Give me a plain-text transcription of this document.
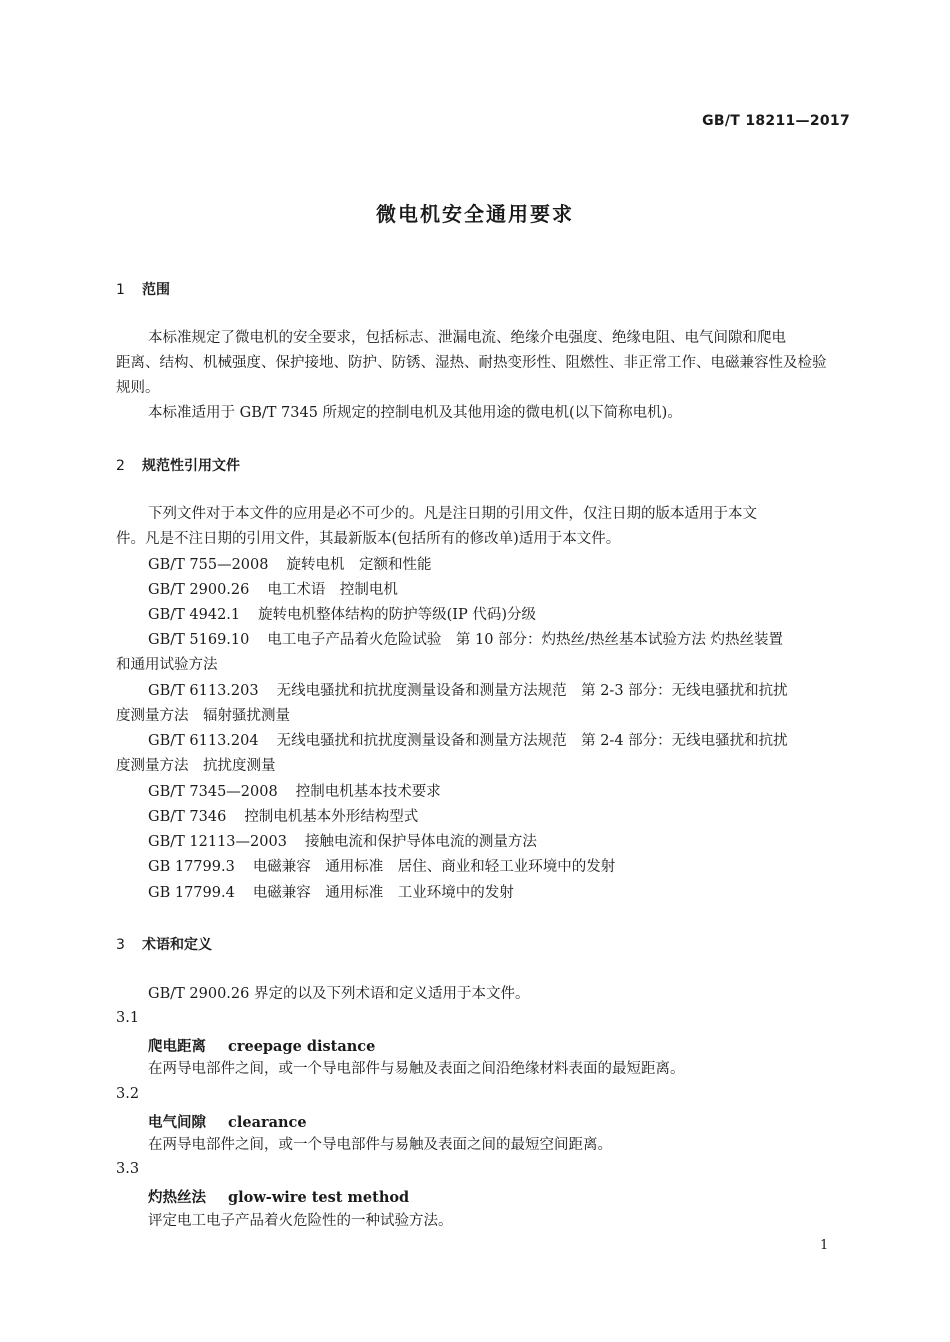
GB/T 18211—2017
微电机安全通用要求
1 范围
本标准规定了微电机的安全要求，包括标志、泄漏电流、绝缘介电强度、绝缘电阻、电气间隙和爬电
距离、结构、机械强度、保护接地、防护、防锈、湿热、耐热变形性、阻燃性、非正常工作、电磁兼容性及检验
规则。
本标准适用于 GB/T 7345 所规定的控制电机及其他用途的微电机(以下简称电机)。
2 规范性引用文件
下列文件对于本文件的应用是必不可少的。凡是注日期的引用文件，仅注日期的版本适用于本文
件。凡是不注日期的引用文件，其最新版本(包括所有的修改单)适用于本文件。
GB/T 755—2008 旋转电机　定额和性能
GB/T 2900.26 电工术语　控制电机
GB/T 4942.1 旋转电机整体结构的防护等级(IP 代码)分级
GB/T 5169.10 电工电子产品着火危险试验　第 10 部分：灼热丝/热丝基本试验方法 灼热丝装置
和通用试验方法
GB/T 6113.203 无线电骚扰和抗扰度测量设备和测量方法规范　第 2-3 部分：无线电骚扰和抗扰
度测量方法　辐射骚扰测量
GB/T 6113.204 无线电骚扰和抗扰度测量设备和测量方法规范　第 2-4 部分：无线电骚扰和抗扰
度测量方法　抗扰度测量
GB/T 7345—2008 控制电机基本技术要求
GB/T 7346 控制电机基本外形结构型式
GB/T 12113—2003 接触电流和保护导体电流的测量方法
GB 17799.3 电磁兼容　通用标准　居住、商业和轻工业环境中的发射
GB 17799.4 电磁兼容　通用标准　工业环境中的发射
3 术语和定义
GB/T 2900.26 界定的以及下列术语和定义适用于本文件。
3.1
爬电距离 creepage distance
在两导电部件之间，或一个导电部件与易触及表面之间沿绝缘材料表面的最短距离。
3.2
电气间隙 clearance
在两导电部件之间，或一个导电部件与易触及表面之间的最短空间距离。
3.3
灼热丝法 glow-wire test method
评定电工电子产品着火危险性的一种试验方法。
1
